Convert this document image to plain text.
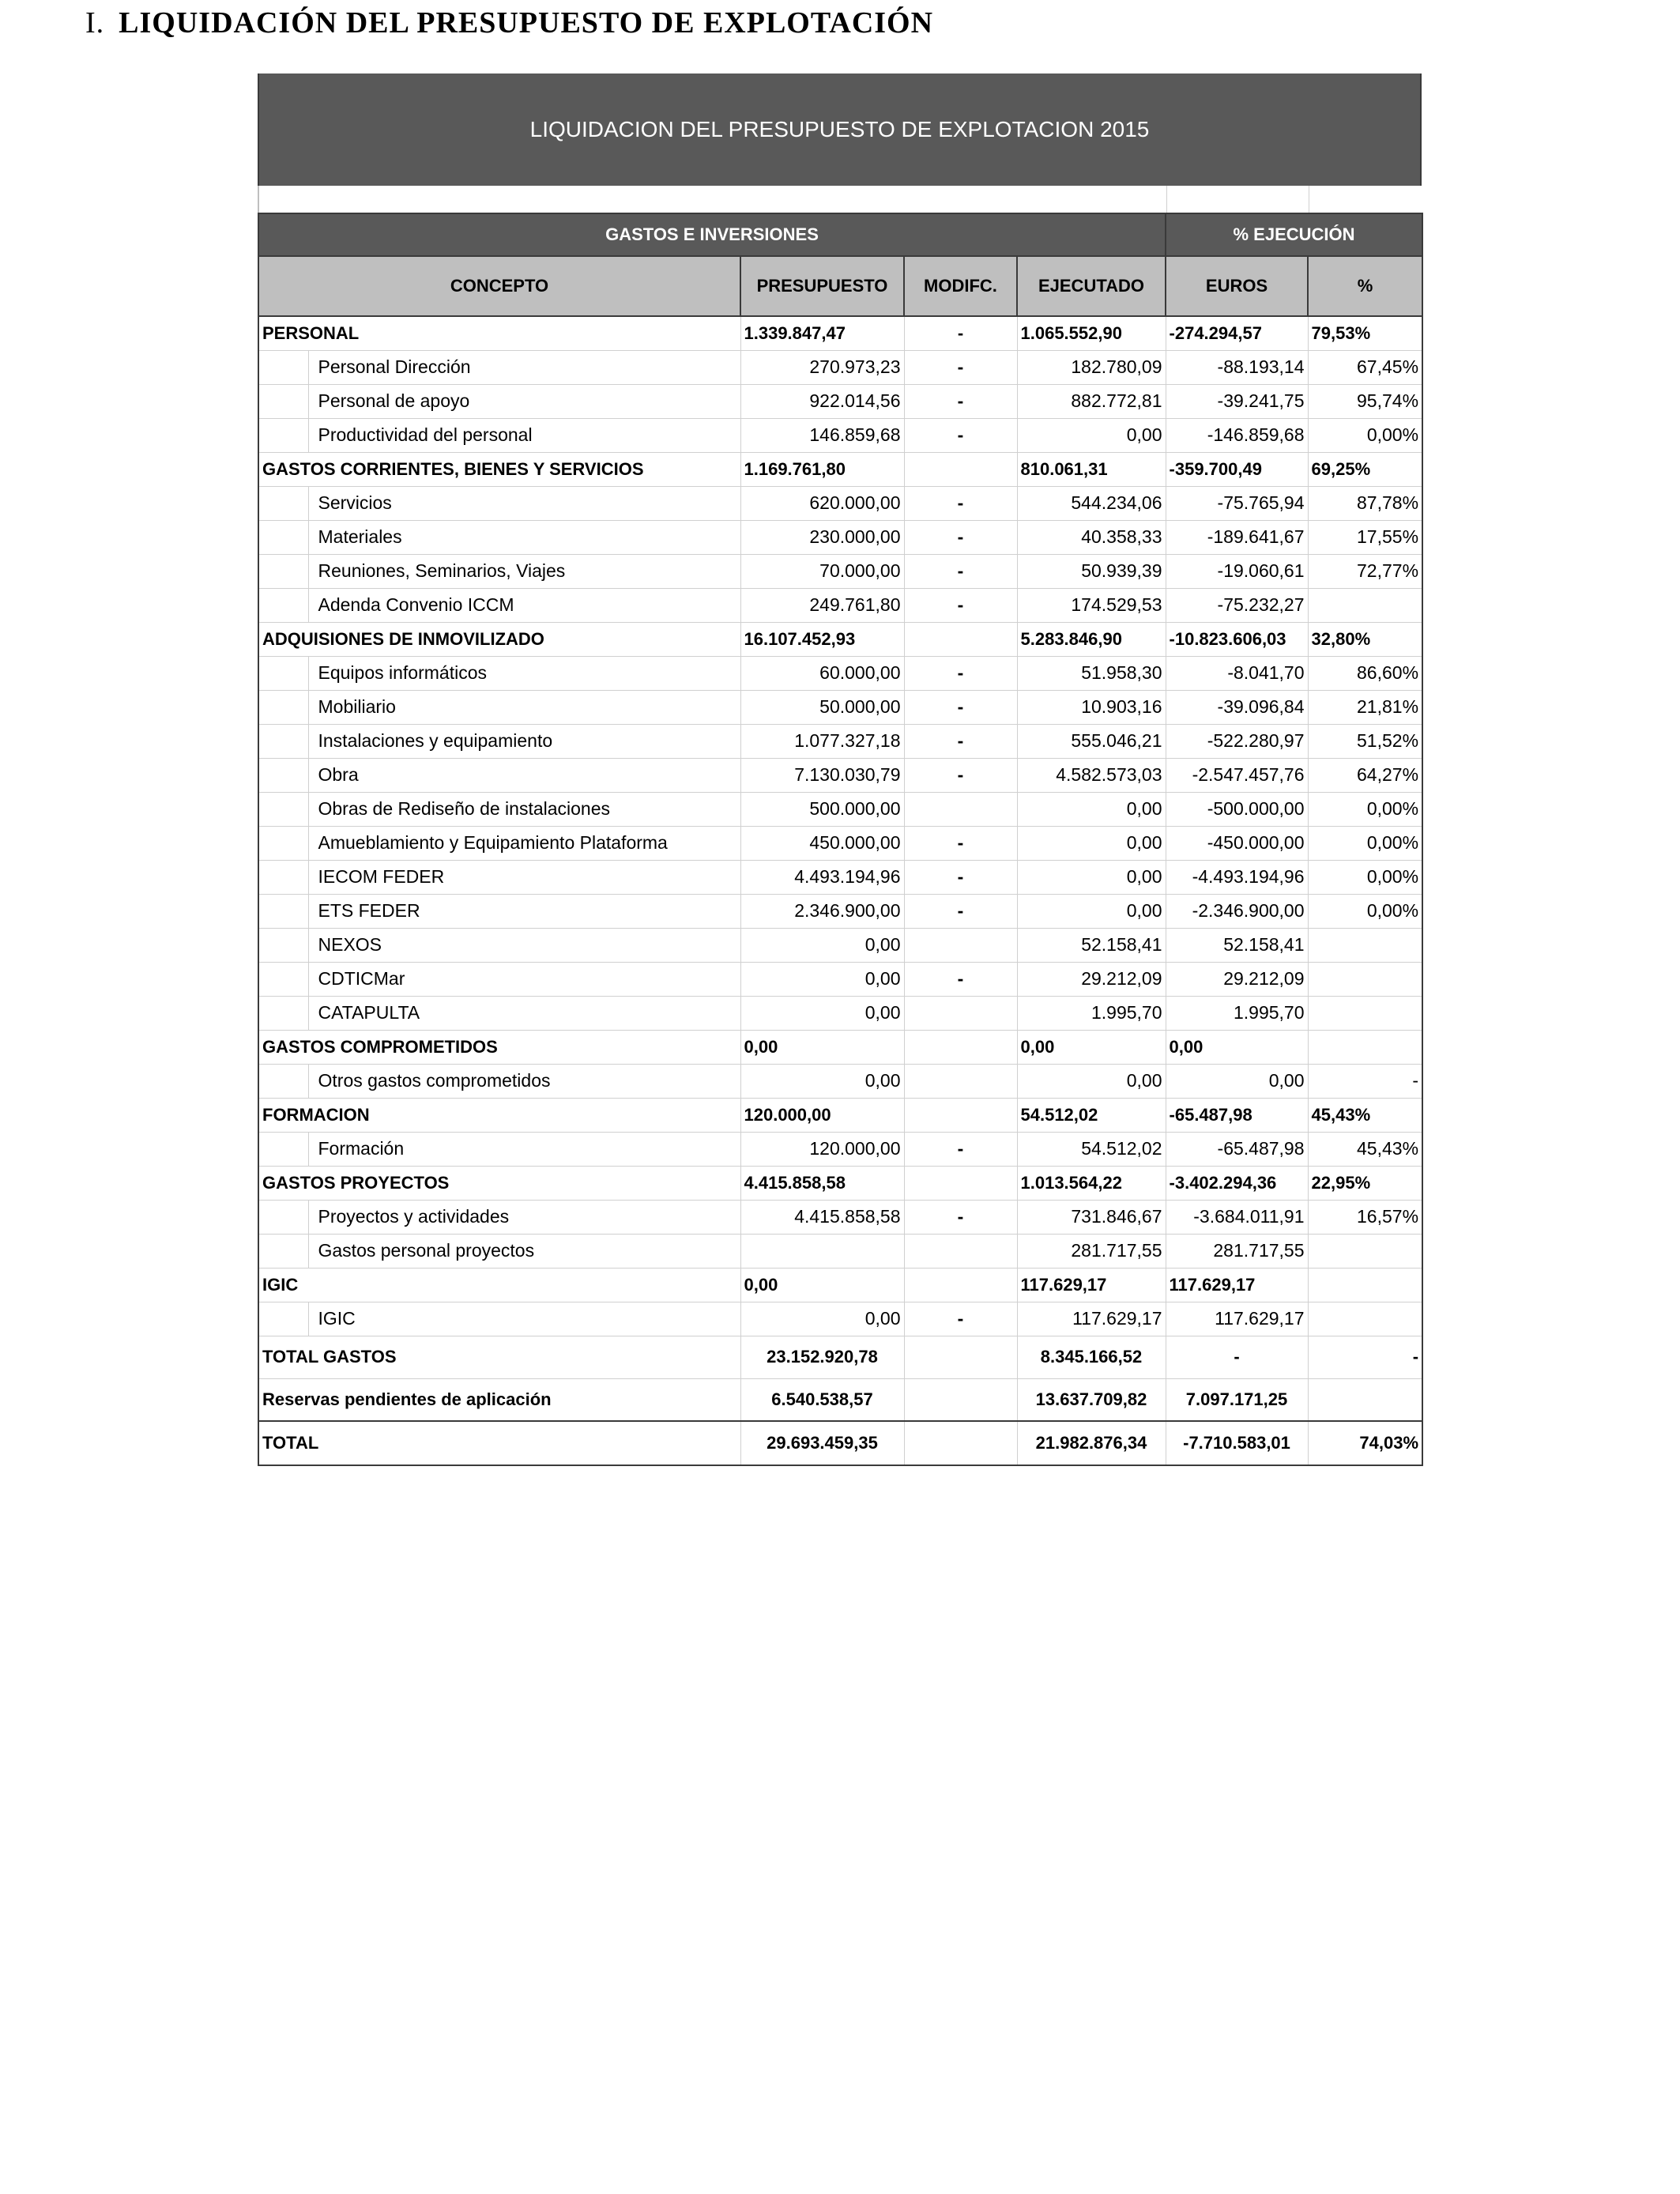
I. LIQUIDACIÓN DEL PRESUPUESTO DE EXPLOTACIÓN
LIQUIDACION DEL PRESUPUESTO DE EXPLOTACION 2015
GASTOS E INVERSIONES					% EJECUCIÓN	
CONCEPTO		PRESUPUESTO	MODIFC.	EJECUTADO	EUROS	%
PERSONAL		1.339.847,47	-	1.065.552,90	-274.294,57	79,53%
	Personal Dirección	270.973,23	-	182.780,09	-88.193,14	67,45%
	Personal de apoyo	922.014,56	-	882.772,81	-39.241,75	95,74%
	Productividad del personal	146.859,68	-	0,00	-146.859,68	0,00%
GASTOS CORRIENTES, BIENES Y SERVICIOS		1.169.761,80		810.061,31	-359.700,49	69,25%
	Servicios	620.000,00	-	544.234,06	-75.765,94	87,78%
	Materiales	230.000,00	-	40.358,33	-189.641,67	17,55%
	Reuniones, Seminarios, Viajes	70.000,00	-	50.939,39	-19.060,61	72,77%
	Adenda Convenio ICCM	249.761,80	-	174.529,53	-75.232,27	
ADQUISIONES DE INMOVILIZADO		16.107.452,93		5.283.846,90	-10.823.606,03	32,80%
	Equipos informáticos	60.000,00	-	51.958,30	-8.041,70	86,60%
	Mobiliario	50.000,00	-	10.903,16	-39.096,84	21,81%
	Instalaciones y equipamiento	1.077.327,18	-	555.046,21	-522.280,97	51,52%
	Obra	7.130.030,79	-	4.582.573,03	-2.547.457,76	64,27%
	Obras de Rediseño de instalaciones	500.000,00		0,00	-500.000,00	0,00%
	Amueblamiento y Equipamiento Plataforma	450.000,00	-	0,00	-450.000,00	0,00%
	IECOM FEDER	4.493.194,96	-	0,00	-4.493.194,96	0,00%
	ETS FEDER	2.346.900,00	-	0,00	-2.346.900,00	0,00%
	NEXOS	0,00		52.158,41	52.158,41	
	CDTICMar	0,00	-	29.212,09	29.212,09	
	CATAPULTA	0,00		1.995,70	1.995,70	
GASTOS COMPROMETIDOS		0,00		0,00	0,00	
	Otros gastos comprometidos	0,00		0,00	0,00	-
FORMACION		120.000,00		54.512,02	-65.487,98	45,43%
	Formación	120.000,00	-	54.512,02	-65.487,98	45,43%
GASTOS PROYECTOS		4.415.858,58		1.013.564,22	-3.402.294,36	22,95%
	Proyectos y actividades	4.415.858,58	-	731.846,67	-3.684.011,91	16,57%
	Gastos personal proyectos			281.717,55	281.717,55	
IGIC		0,00		117.629,17	117.629,17	
	IGIC	0,00	-	117.629,17	117.629,17	
TOTAL GASTOS		23.152.920,78		8.345.166,52	-	-
Reservas pendientes de aplicación		6.540.538,57		13.637.709,82	7.097.171,25	
TOTAL		29.693.459,35		21.982.876,34	-7.710.583,01	74,03%
